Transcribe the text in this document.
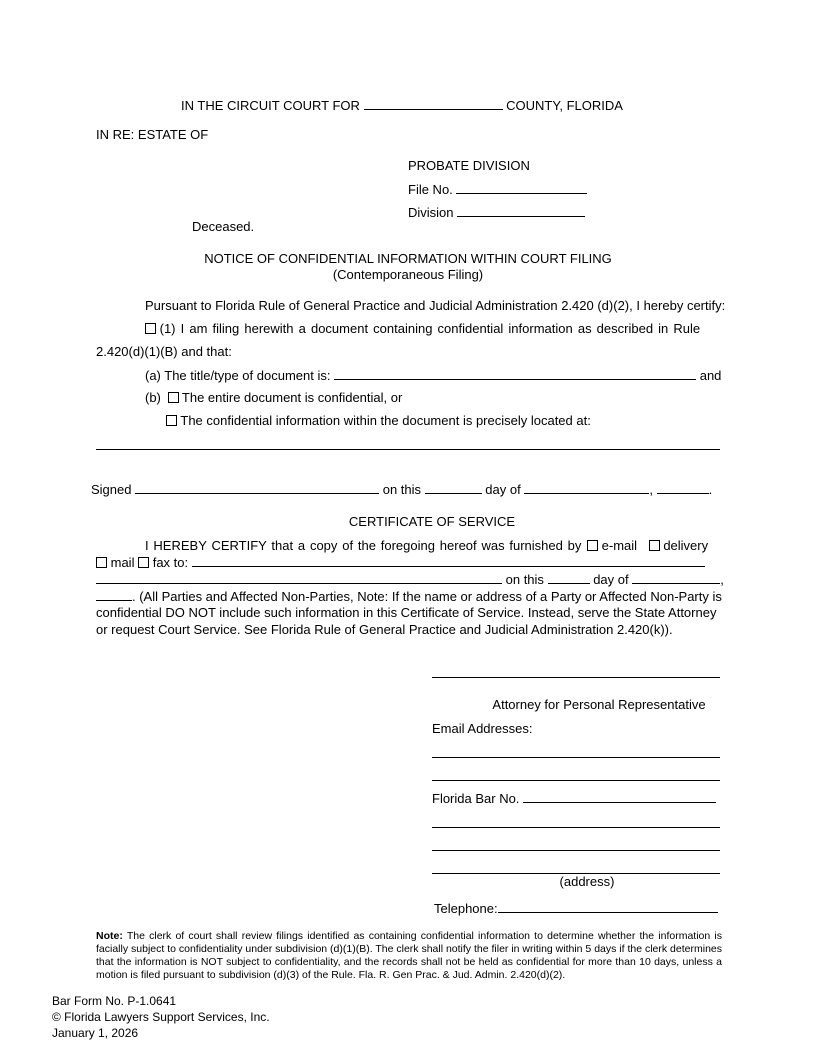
IN THE CIRCUIT COURT FOR	COUNTY, FLORIDA
IN RE: ESTATE OF
PROBATE DIVISION
File No.
Division
Deceased.
NOTICE OF CONFIDENTIAL INFORMATION WITHIN COURT FILING
(Contemporaneous Filing)
Pursuant to Florida Rule of General Practice and Judicial Administration 2.420 (d)(2), I hereby certify:
(1) I am filing herewith a document containing confidential information as described in Rule
2.420(d)(1)(B) and that:
(a) The title/type of document is:	and
(b) The entire document is confidential, or
The confidential information within the document is precisely located at:
Signed	on this	day of	,	.
CERTIFICATE OF SERVICE
I HEREBY CERTIFY that a copy of the foregoing hereof was furnished by e-mail delivery
mail fax to:
on this	day of	,
. (All Parties and Affected Non-Parties, Note: If the name or address of a Party or Affected Non-Party is
confidential DO NOT include such information in this Certificate of Service. Instead, serve the State Attorney
or request Court Service. See Florida Rule of General Practice and Judicial Administration 2.420(k)).
Attorney for Personal Representative
Email Addresses:
Florida Bar No.
(address)
Telephone:
Note: The clerk of court shall review filings identified as containing confidential information to determine whether the information is facially subject to confidentiality under subdivision (d)(1)(B). The clerk shall notify the filer in writing within 5 days if the clerk determines that the information is NOT subject to confidentiality, and the records shall not be held as confidential for more than 10 days, unless a motion is filed pursuant to subdivision (d)(3) of the Rule. Fla. R. Gen Prac. & Jud. Admin. 2.420(d)(2).
Bar Form No. P-1.0641
© Florida Lawyers Support Services, Inc.
January 1, 2026
